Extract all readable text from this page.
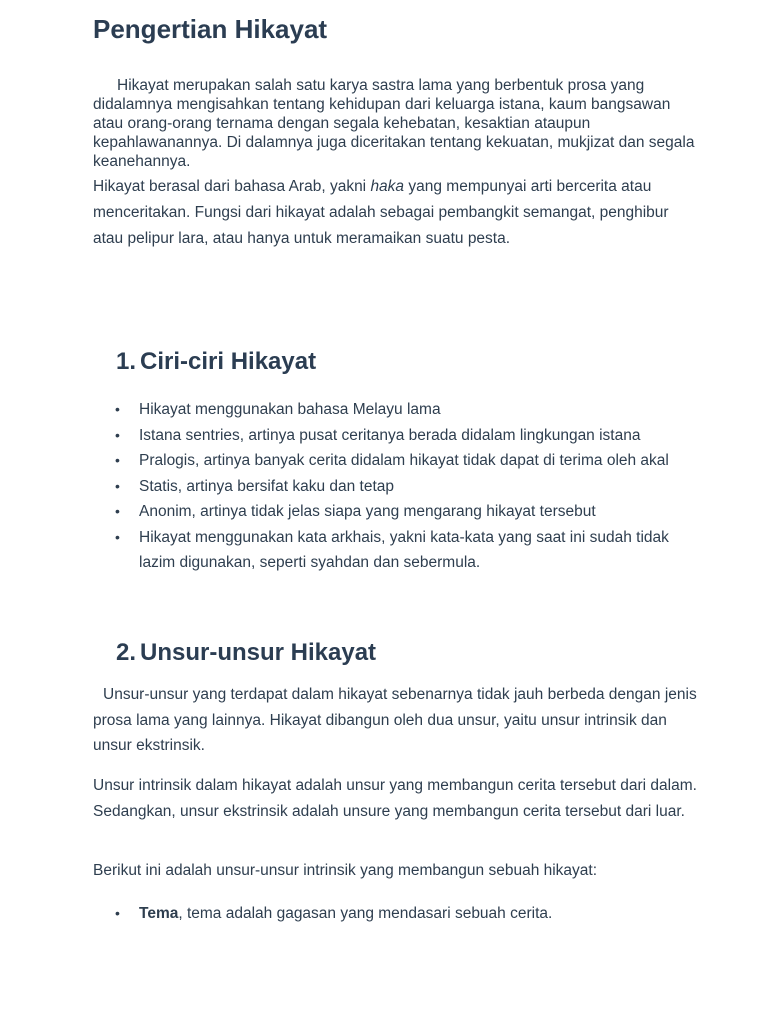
Pengertian Hikayat

Hikayat merupakan salah satu karya sastra lama yang berbentuk prosa yang didalamnya mengisahkan tentang kehidupan dari keluarga istana, kaum bangsawan atau orang-orang ternama dengan segala kehebatan, kesaktian ataupun kepahlawanannya. Di dalamnya juga diceritakan tentang kekuatan, mukjizat dan segala keanehannya.

Hikayat berasal dari bahasa Arab, yakni haka yang mempunyai arti bercerita atau menceritakan. Fungsi dari hikayat adalah sebagai pembangkit semangat, penghibur atau pelipur lara, atau hanya untuk meramaikan suatu pesta.

1. Ciri-ciri Hikayat
• Hikayat menggunakan bahasa Melayu lama
• Istana sentries, artinya pusat ceritanya berada didalam lingkungan istana
• Pralogis, artinya banyak cerita didalam hikayat tidak dapat di terima oleh akal
• Statis, artinya bersifat kaku dan tetap
• Anonim, artinya tidak jelas siapa yang mengarang hikayat tersebut
• Hikayat menggunakan kata arkhais, yakni kata-kata yang saat ini sudah tidak lazim digunakan, seperti syahdan dan sebermula.
2. Unsur-unsur Hikayat

Unsur-unsur yang terdapat dalam hikayat sebenarnya tidak jauh berbeda dengan jenis prosa lama yang lainnya. Hikayat dibangun oleh dua unsur, yaitu unsur intrinsik dan unsur ekstrinsik.

Unsur intrinsik dalam hikayat adalah unsur yang membangun cerita tersebut dari dalam. Sedangkan, unsur ekstrinsik adalah unsure yang membangun cerita tersebut dari luar.

Berikut ini adalah unsur-unsur intrinsik yang membangun sebuah hikayat:

• Tema, tema adalah gagasan yang mendasari sebuah cerita.
